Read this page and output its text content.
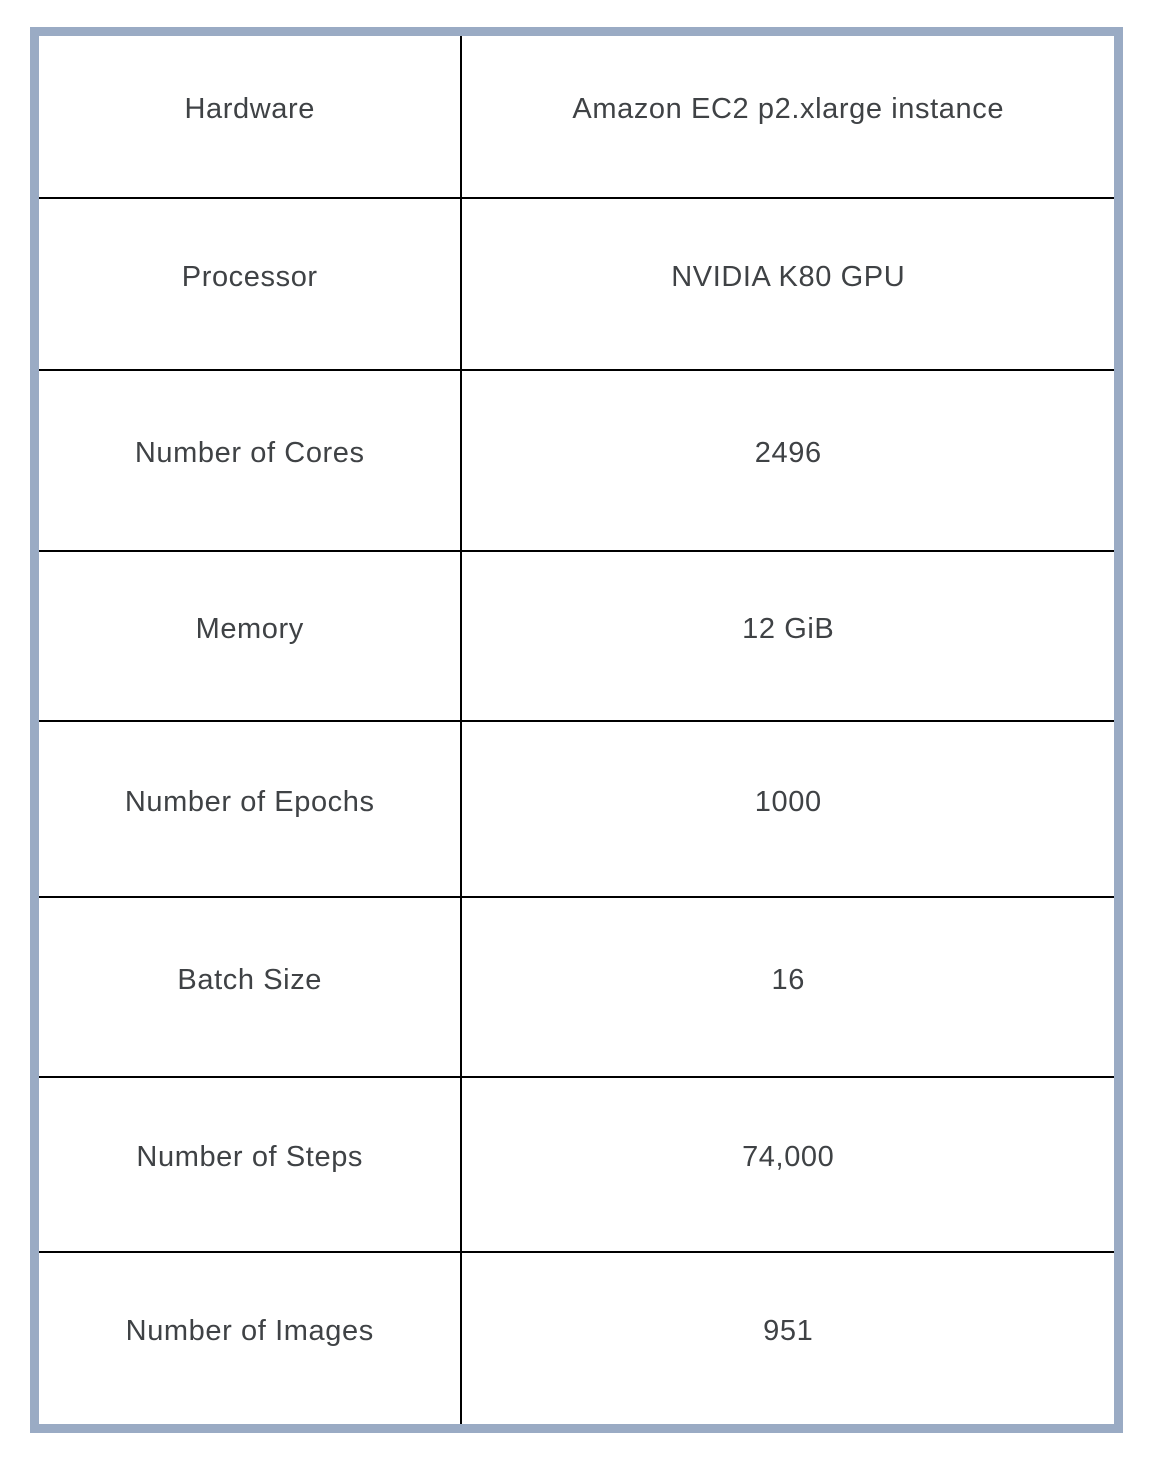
Hardware	Amazon EC2 p2.xlarge instance
Processor	NVIDIA K80 GPU
Number of Cores	2496
Memory	12 GiB
Number of Epochs	1000
Batch Size	16
Number of Steps	74,000
Number of Images	951
